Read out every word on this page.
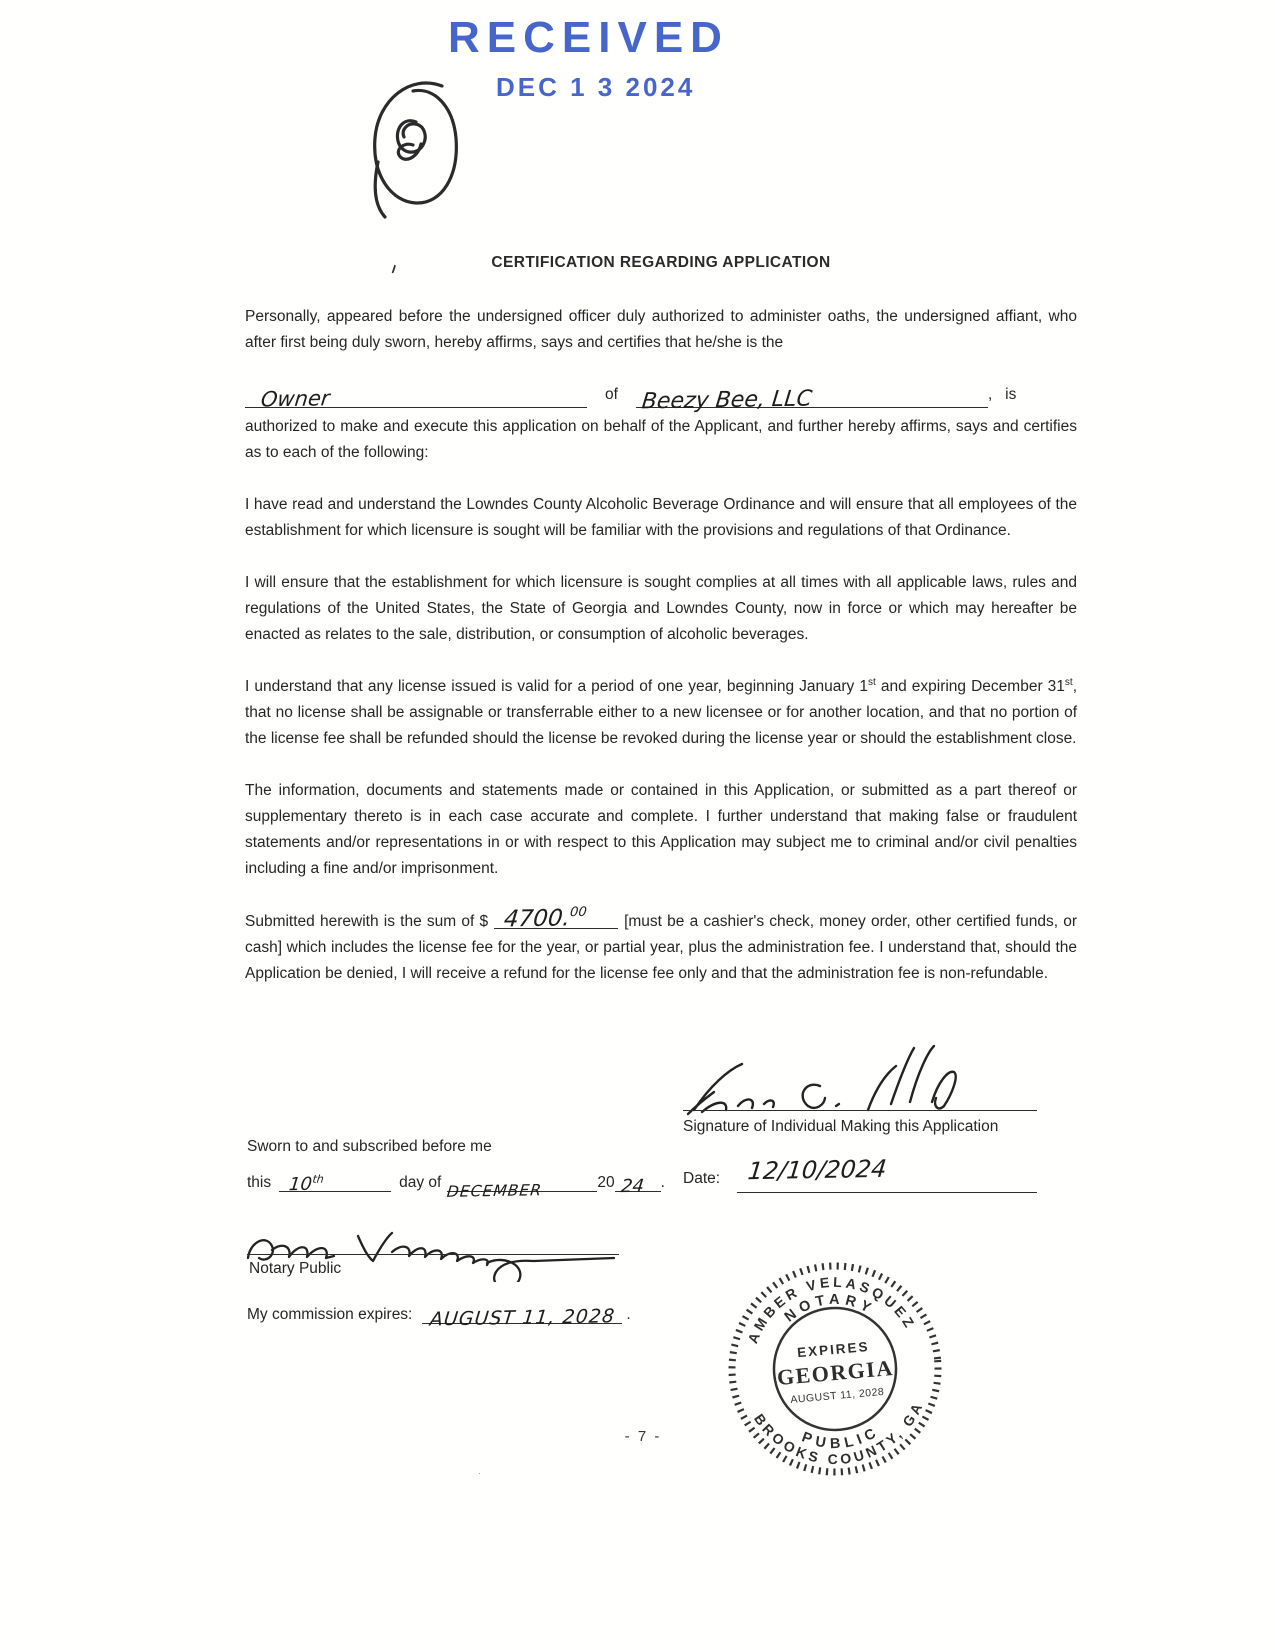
RECEIVED
DEC 1 3 2024
CERTIFICATION REGARDING APPLICATION

Personally, appeared before the undersigned officer duly authorized to administer oaths, the undersigned affiant, who after first being duly sworn, hereby affirms, says and certifies that he/she is the

Owner	of Beezy Bee, LLC	,   is

authorized to make and execute this application on behalf of the Applicant, and further hereby affirms, says and certifies as to each of the following:

I have read and understand the Lowndes County Alcoholic Beverage Ordinance and will ensure that all employees of the establishment for which licensure is sought will be familiar with the provisions and regulations of that Ordinance.

I will ensure that the establishment for which licensure is sought complies at all times with all applicable laws, rules and regulations of the United States, the State of Georgia and Lowndes County, now in force or which may hereafter be enacted as relates to the sale, distribution, or consumption of alcoholic beverages.

I understand that any license issued is valid for a period of one year, beginning January 1st and expiring December 31st, that no license shall be assignable or transferrable either to a new licensee or for another location, and that no portion of the license fee shall be refunded should the license be revoked during the license year or should the establishment close.

The information, documents and statements made or contained in this Application, or submitted as a part thereof or supplementary thereto is in each case accurate and complete. I further understand that making false or fraudulent statements and/or representations in or with respect to this Application may subject me to criminal and/or civil penalties including a fine and/or imprisonment.

Submitted herewith is the sum of $ 4700.
00
[must be a cashier's check, money order, other certified funds, or cash] which includes the license fee for the year, or partial year, plus the administration fee. I understand that, should the Application be denied, I will receive a refund for the license fee only and that the administration fee is non-refundable.

Signature of Individual Making this Application
Sworn to and subscribed before me
this 10th	day of DECEMBER	20 24 . Date: 12/10/2024
Notary Public
My commission expires: AUGUST 11, 2028 .
- 7 -
·
AMBER VELASQUEZ
BROOKS COUNTY, GA
NOTARY
PUBLIC
EXPIRES
GEORGIA
AUGUST 11, 2028
